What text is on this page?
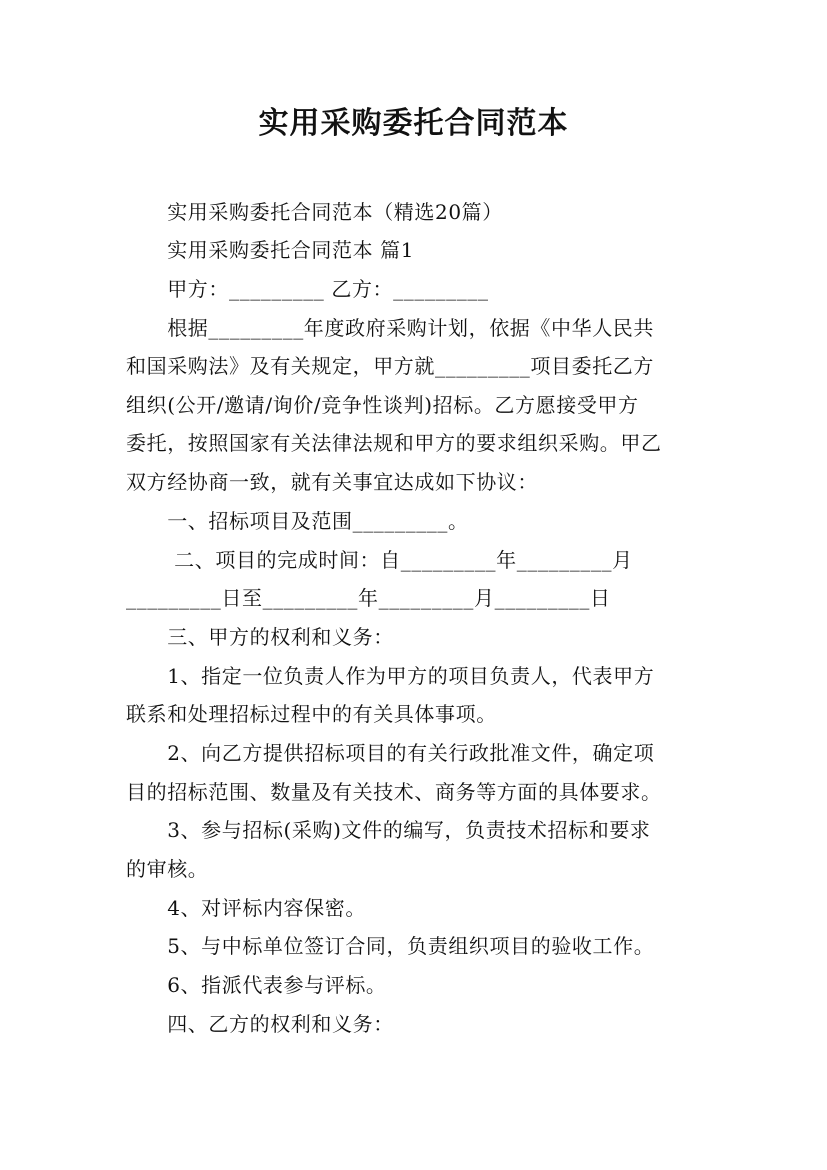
实用采购委托合同范本
　　实用采购委托合同范本（精选20篇）
　　实用采购委托合同范本 篇1
　　甲方：_________ 乙方：_________
　　根据_________年度政府采购计划，依据《中华人民共
和国采购法》及有关规定，甲方就_________项目委托乙方
组织(公开/邀请/询价/竞争性谈判)招标。乙方愿接受甲方
委托，按照国家有关法律法规和甲方的要求组织采购。甲乙
双方经协商一致，就有关事宜达成如下协议：
　　一、招标项目及范围_________。
　　 二、项目的完成时间：自_________年_________月
_________日至_________年_________月_________日
　　三、甲方的权利和义务：
　　1、指定一位负责人作为甲方的项目负责人，代表甲方
联系和处理招标过程中的有关具体事项。
　　2、向乙方提供招标项目的有关行政批准文件，确定项
目的招标范围、数量及有关技术、商务等方面的具体要求。
　　3、参与招标(采购)文件的编写，负责技术招标和要求
的审核。
　　4、对评标内容保密。
　　5、与中标单位签订合同，负责组织项目的验收工作。
　　6、指派代表参与评标。
　　四、乙方的权利和义务：
